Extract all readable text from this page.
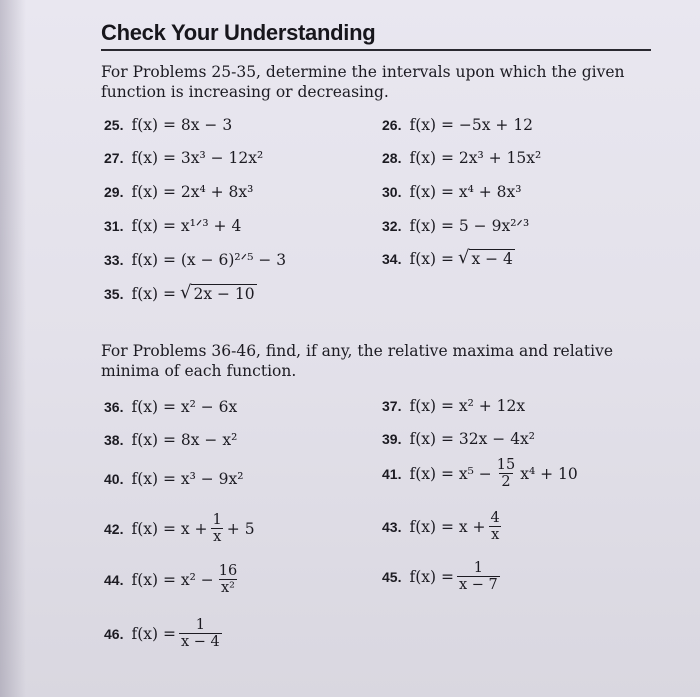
Check Your Understanding
For Problems 25-35, determine the intervals upon which the given function is increasing or decreasing.
25. f(x) = 8x − 3	26. f(x) = −5x + 12
27. f(x) = 3x³ − 12x²	28. f(x) = 2x³ + 15x²
29. f(x) = 2x⁴ + 8x³	30. f(x) = x⁴ + 8x³
31. f(x) = x¹ᐟ³ + 4	32. f(x) = 5 − 9x²ᐟ³
33. f(x) = (x − 6)²ᐟ⁵ − 3	34. f(x) = √ x − 4
35. f(x) = √ 2x − 10
For Problems 36-46, find, if any, the relative maxima and relative minima of each function.
36. f(x) = x² − 6x	37. f(x) = x² + 12x
38. f(x) = 8x − x²	39. f(x) = 32x − 4x²
40. f(x) = x³ − 9x²	41. $f(x) = x^5 - \frac{15}{2} x^4 + 10$
42. $f(x) = x + \frac{1}{x} + 5$	43. $f(x) = x + \frac{4}{x}$
44. $f(x) = x^2 - \frac{16}{\text{x²}}$	45. $f(x) = \frac{1}{x - 7}$
46. $f(x) = \frac{1}{x - 4}$
